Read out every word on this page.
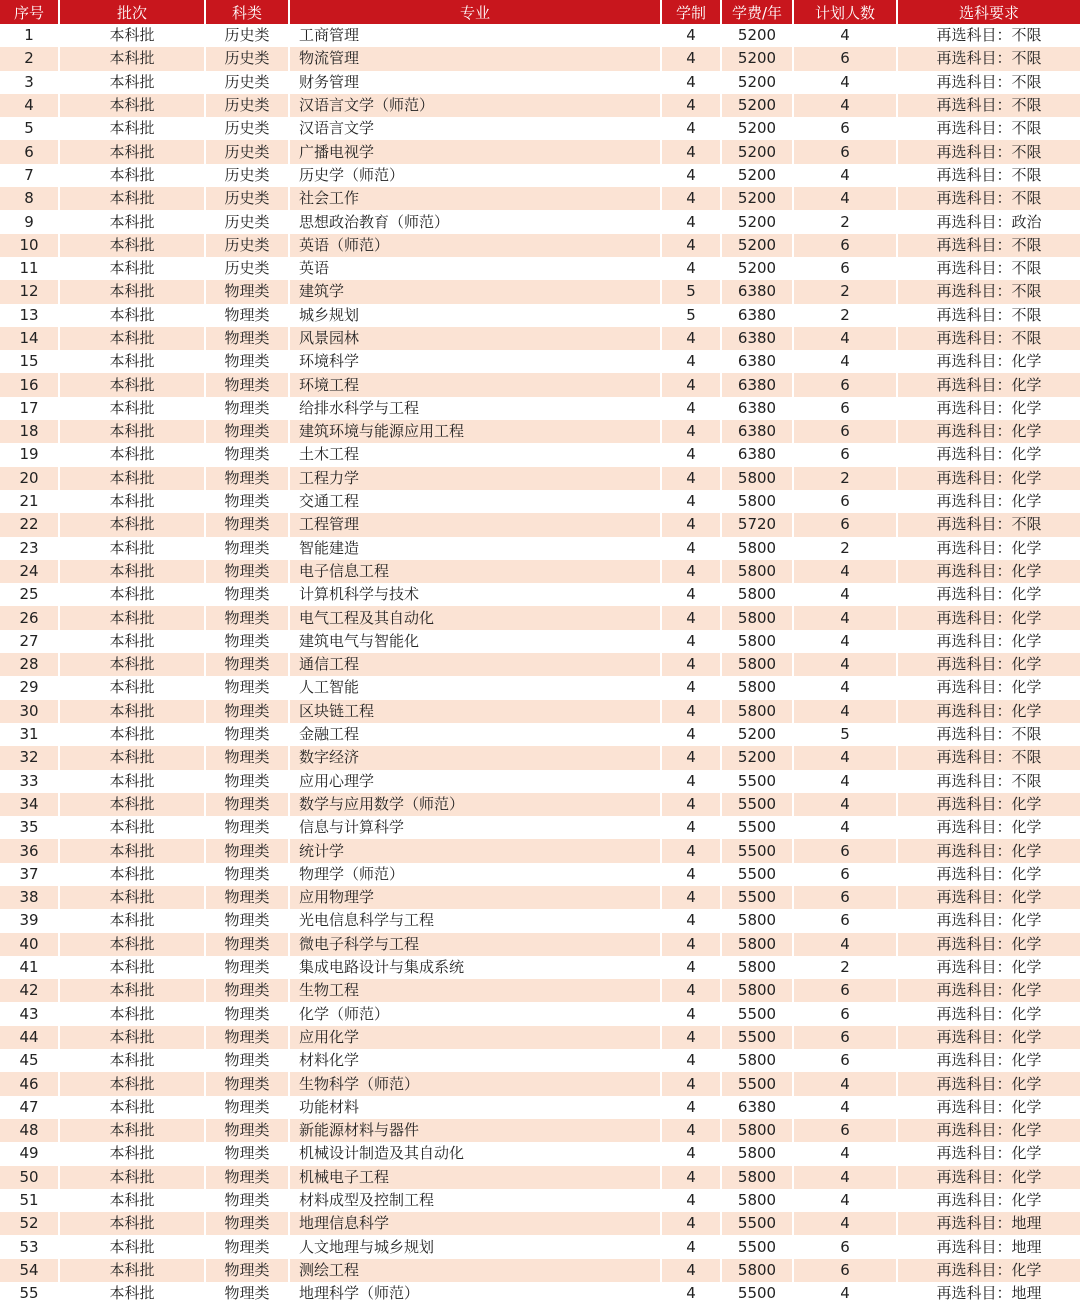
序号	批次	科类	专业	学制	学费/年	计划人数	选科要求
1	本科批	历史类	工商管理	4	5200	4	再选科目：不限
2	本科批	历史类	物流管理	4	5200	6	再选科目：不限
3	本科批	历史类	财务管理	4	5200	4	再选科目：不限
4	本科批	历史类	汉语言文学（师范）	4	5200	4	再选科目：不限
5	本科批	历史类	汉语言文学	4	5200	6	再选科目：不限
6	本科批	历史类	广播电视学	4	5200	6	再选科目：不限
7	本科批	历史类	历史学（师范）	4	5200	4	再选科目：不限
8	本科批	历史类	社会工作	4	5200	4	再选科目：不限
9	本科批	历史类	思想政治教育（师范）	4	5200	2	再选科目：政治
10	本科批	历史类	英语（师范）	4	5200	6	再选科目：不限
11	本科批	历史类	英语	4	5200	6	再选科目：不限
12	本科批	物理类	建筑学	5	6380	2	再选科目：不限
13	本科批	物理类	城乡规划	5	6380	2	再选科目：不限
14	本科批	物理类	风景园林	4	6380	4	再选科目：不限
15	本科批	物理类	环境科学	4	6380	4	再选科目：化学
16	本科批	物理类	环境工程	4	6380	6	再选科目：化学
17	本科批	物理类	给排水科学与工程	4	6380	6	再选科目：化学
18	本科批	物理类	建筑环境与能源应用工程	4	6380	6	再选科目：化学
19	本科批	物理类	土木工程	4	6380	6	再选科目：化学
20	本科批	物理类	工程力学	4	5800	2	再选科目：化学
21	本科批	物理类	交通工程	4	5800	6	再选科目：化学
22	本科批	物理类	工程管理	4	5720	6	再选科目：不限
23	本科批	物理类	智能建造	4	5800	2	再选科目：化学
24	本科批	物理类	电子信息工程	4	5800	4	再选科目：化学
25	本科批	物理类	计算机科学与技术	4	5800	4	再选科目：化学
26	本科批	物理类	电气工程及其自动化	4	5800	4	再选科目：化学
27	本科批	物理类	建筑电气与智能化	4	5800	4	再选科目：化学
28	本科批	物理类	通信工程	4	5800	4	再选科目：化学
29	本科批	物理类	人工智能	4	5800	4	再选科目：化学
30	本科批	物理类	区块链工程	4	5800	4	再选科目：化学
31	本科批	物理类	金融工程	4	5200	5	再选科目：不限
32	本科批	物理类	数字经济	4	5200	4	再选科目：不限
33	本科批	物理类	应用心理学	4	5500	4	再选科目：不限
34	本科批	物理类	数学与应用数学（师范）	4	5500	4	再选科目：化学
35	本科批	物理类	信息与计算科学	4	5500	4	再选科目：化学
36	本科批	物理类	统计学	4	5500	6	再选科目：化学
37	本科批	物理类	物理学（师范）	4	5500	6	再选科目：化学
38	本科批	物理类	应用物理学	4	5500	6	再选科目：化学
39	本科批	物理类	光电信息科学与工程	4	5800	6	再选科目：化学
40	本科批	物理类	微电子科学与工程	4	5800	4	再选科目：化学
41	本科批	物理类	集成电路设计与集成系统	4	5800	2	再选科目：化学
42	本科批	物理类	生物工程	4	5800	6	再选科目：化学
43	本科批	物理类	化学（师范）	4	5500	6	再选科目：化学
44	本科批	物理类	应用化学	4	5500	6	再选科目：化学
45	本科批	物理类	材料化学	4	5800	6	再选科目：化学
46	本科批	物理类	生物科学（师范）	4	5500	4	再选科目：化学
47	本科批	物理类	功能材料	4	6380	4	再选科目：化学
48	本科批	物理类	新能源材料与器件	4	5800	6	再选科目：化学
49	本科批	物理类	机械设计制造及其自动化	4	5800	4	再选科目：化学
50	本科批	物理类	机械电子工程	4	5800	4	再选科目：化学
51	本科批	物理类	材料成型及控制工程	4	5800	4	再选科目：化学
52	本科批	物理类	地理信息科学	4	5500	4	再选科目：地理
53	本科批	物理类	人文地理与城乡规划	4	5500	6	再选科目：地理
54	本科批	物理类	测绘工程	4	5800	6	再选科目：化学
55	本科批	物理类	地理科学（师范）	4	5500	4	再选科目：地理
